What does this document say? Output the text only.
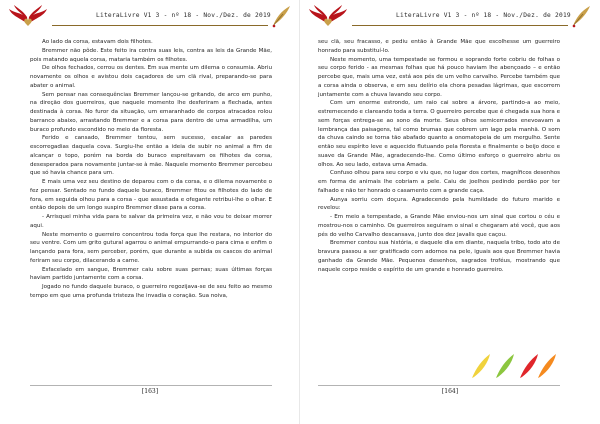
LiteraLivre V1 3 - nº 18 - Nov./Dez. de 2019

Ao lado da corsa, estavam dois filhotes.

Bremmer não pôde. Este feito ira contra suas leis, contra as leis da Grande Mãe, pois matando aquela corsa, mataria também os filhotes.

De olhos fechados, cerrou os dentes. Em sua mente um dilema o consumia. Abriu novamente os olhos e avistou dois caçadores de um clã rival, preparando-se para abater o animal.

Sem pensar nas consequências Bremmer lançou-se gritando, de arco em punho, na direção dos guerreiros, que naquele momento lhe desferiram a flechada, antes destinada à corsa. No furor da situação, um emaranhado de corpos atracados rolou barranco abaixo, arrastando Bremmer e a corsa para dentro de uma armadilha, um buraco profundo escondido no meio da floresta.

Ferido e cansado, Bremmer tentou, sem sucesso, escalar as paredes escorregadias daquela cova. Surgiu-lhe então a ideia de subir no animal a fim de alcançar o topo, porém na borda do buraco espreitavam os filhotes da corsa, desesperados para novamente juntar-se à mãe. Naquele momento Bremmer percebeu que só havia chance para um.

E mais uma vez seu destino de deparou com o da corsa, e o dilema novamente o fez pensar. Sentado no fundo daquele buraco, Bremmer fitou os filhotes do lado de fora, em seguida olhou para a corsa - que assustada e ofegante retribui-lhe o olhar. E então depois de um longo suspiro Bremmer disse para a corsa.

- Arrisquei minha vida para te salvar da primeira vez, e não vou te deixar morrer aqui.

Neste momento o guerreiro concentrou toda força que lhe restara, no interior do seu ventre. Com um grito gutural agarrou o animal empurrando-o para cima e enfim o lançando para fora, sem perceber, porém, que durante a subida os cascos do animal feriram seu corpo, dilacerando a carne.

Esfacelado em sangue, Bremmer caiu sobre suas pernas; suas últimas forças haviam partido juntamente com a corsa.

Jogado no fundo daquele buraco, o guerreiro regozijava-se de seu feito ao mesmo tempo em que uma profunda tristeza lhe invadia o coração. Sua noiva,

[163]
LiteraLivre V1 3 - nº 18 - Nov./Dez. de 2019

seu clã, seu fracasso, e pediu então à Grande Mãe que escolhesse um guerreiro honrado para substituí-lo.

Neste momento, uma tempestade se formou e soprando forte cobriu de folhas o seu corpo ferido - as mesmas folhas que há pouco haviam lhe abençoado – e então percebe que, mais uma vez, está aos pés de um velho carvalho. Percebe também que a corsa ainda o observa, e em seu delírio ela chora pesadas lágrimas, que escorrem juntamente com a chuva lavando seu corpo.

Com um enorme estrondo, um raio cai sobre a árvore, partindo-a ao meio, estremecendo e clareando toda a terra. O guerreiro percebe que é chegada sua hora e sem forças entrega-se ao sono da morte. Seus olhos semicerrados enevoavam a lembrança das paisagens, tal como brumas que cobrem um lago pela manhã. O som da chuva caindo se torna tão abafado quanto a onomatopeia de um mergulho. Sente então seu espírito leve e aquecido flutuando pela floresta e finalmente o beijo doce e suave da Grande Mãe, agradecendo-lhe. Como último esforço o guerreiro abriu os olhos. Ao seu lado, estava uma Amada.

Confuso olhou para seu corpo e viu que, no lugar dos cortes, magníficos desenhos em forma de animais lhe cobriam a pele. Caiu de joelhos pedindo perdão por ter falhado e não ter honrado o casamento com a grande caça.

Aunya sorriu com doçura. Agradecendo pela humildade do futuro marido e revelou:

- Em meio a tempestade, a Grande Mãe enviou-nos um sinal que cortou o céu e mostrou-nos o caminho. Os guerreiros seguiram o sinal e chegaram até você, que aos pés do velho Carvalho descansava, junto dos dez javalis que caçou.

Bremmer contou sua história, e daquele dia em diante, naquela tribo, todo ato de bravura passou a ser gratificado com adornos na pele, iguais aos que Bremmer havia ganhado da Grande Mãe. Pequenos desenhos, sagrados troféus, mostrando que naquele corpo reside o espírito de um grande e honrado guerreiro.

[164]
